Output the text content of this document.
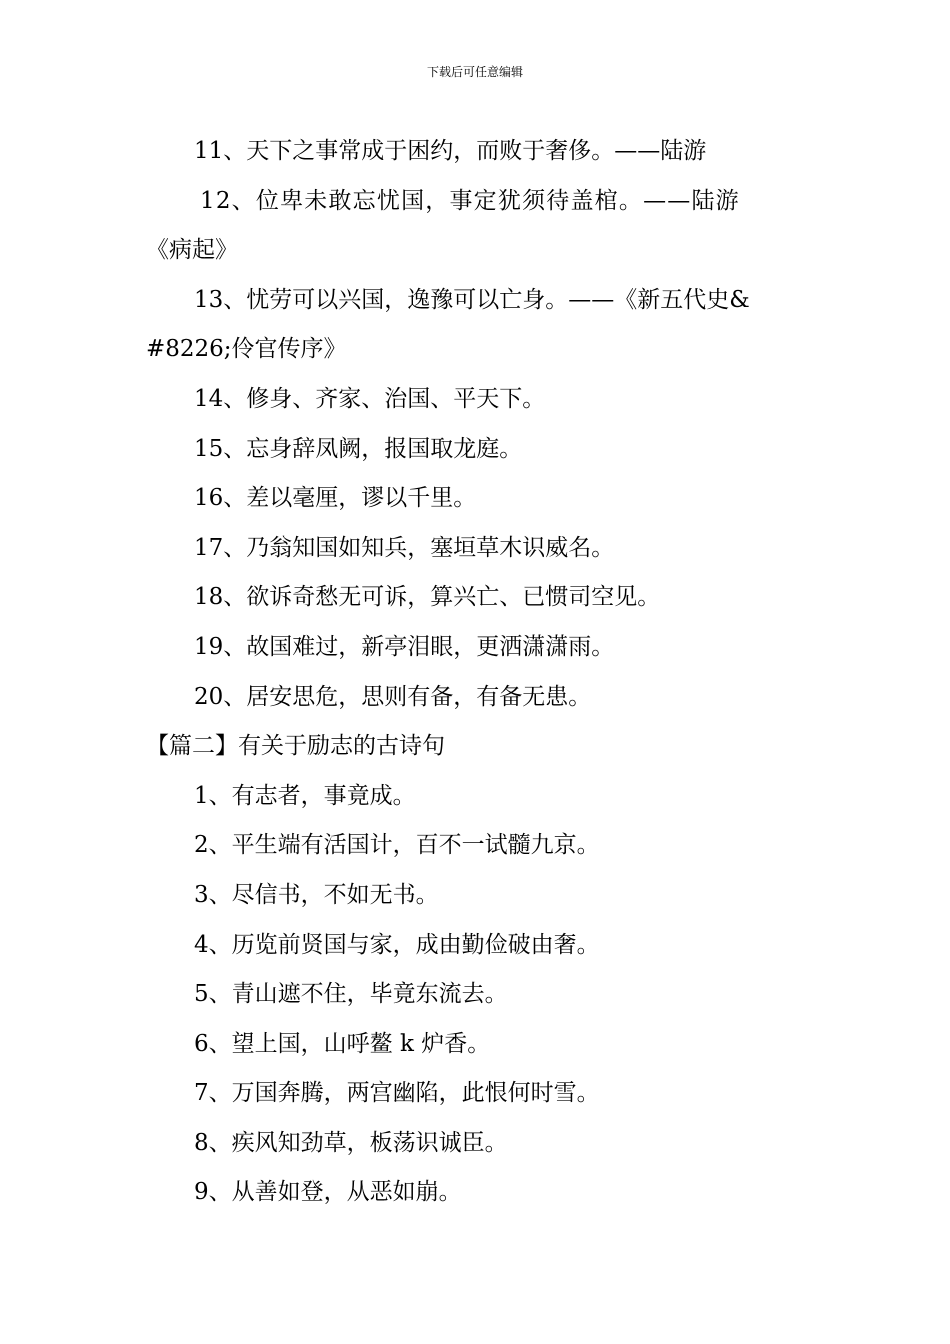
下载后可任意编辑
11、天下之事常成于困约，而败于奢侈。——陆游
12、位卑未敢忘忧国，事定犹须待盖棺。——陆游
《病起》
13、忧劳可以兴国，逸豫可以亡身。——《新五代史&
#8226;伶官传序》
14、修身、齐家、治国、平天下。
15、忘身辞凤阙，报国取龙庭。
16、差以毫厘，谬以千里。
17、乃翁知国如知兵，塞垣草木识威名。
18、欲诉奇愁无可诉，算兴亡、已惯司空见。
19、故国难过，新亭泪眼，更洒潇潇雨。
20、居安思危，思则有备，有备无患。
【篇二】有关于励志的古诗句
1、有志者，事竟成。
2、平生端有活国计，百不一试髓九京。
3、尽信书，不如无书。
4、历览前贤国与家，成由勤俭破由奢。
5、青山遮不住，毕竟东流去。
6、望上国，山呼鳌 k 炉香。
7、万国奔腾，两宫幽陷，此恨何时雪。
8、疾风知劲草，板荡识诚臣。
9、从善如登，从恶如崩。
